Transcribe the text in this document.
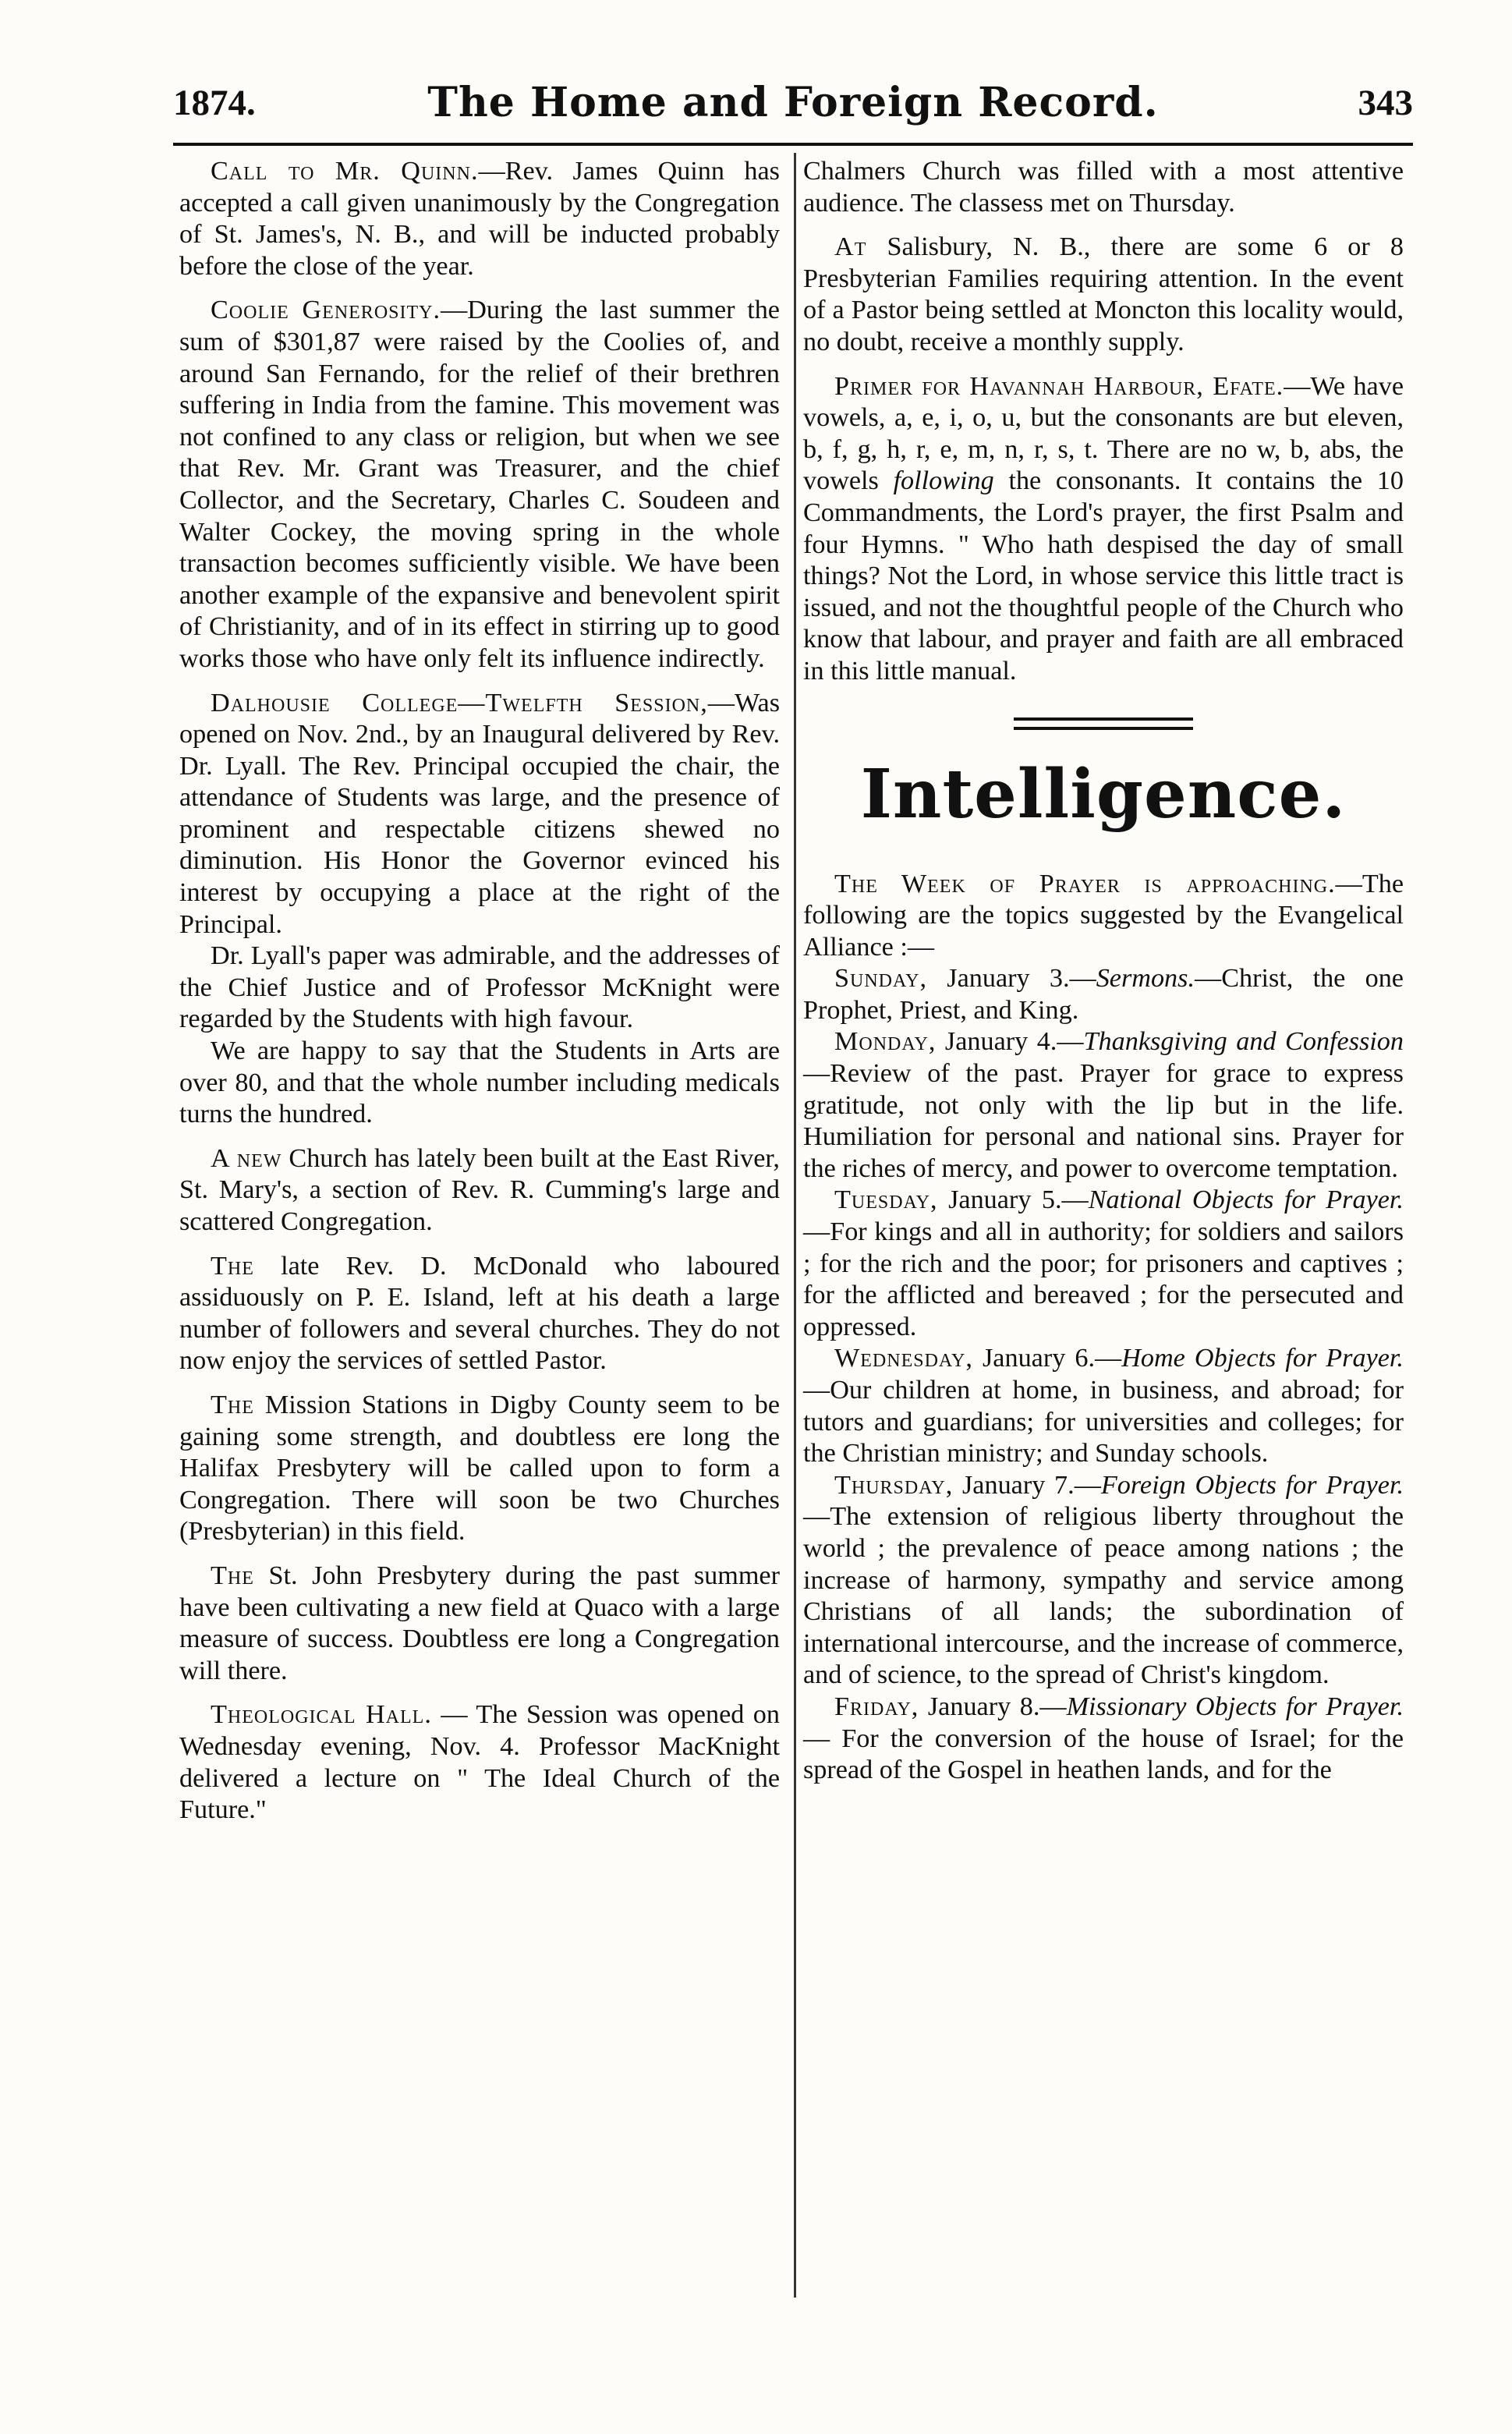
1874.	The Home and Foreign Record.	343

Call to Mr. Quinn.—Rev. James Quinn has accepted a call given unanimously by the Congregation of St. James's, N. B., and will be inducted probably before the close of the year.

Coolie Generosity.—During the last summer the sum of $301,87 were raised by the Coolies of, and around San Fernando, for the relief of their brethren suffering in India from the famine. This movement was not confined to any class or religion, but when we see that Rev. Mr. Grant was Treasurer, and the chief Collector, and the Secretary, Charles C. Soudeen and Walter Cockey, the moving spring in the whole transaction becomes sufficiently visible. We have been another example of the expansive and benevolent spirit of Christianity, and of in its effect in stirring up to good works those who have only felt its influence indirectly.

Dalhousie College—Twelfth Session,—Was opened on Nov. 2nd., by an Inaugural delivered by Rev. Dr. Lyall. The Rev. Principal occupied the chair, the attendance of Students was large, and the presence of prominent and respectable citizens shewed no diminution. His Honor the Governor evinced his interest by occupying a place at the right of the Principal.

Dr. Lyall's paper was admirable, and the addresses of the Chief Justice and of Professor McKnight were regarded by the Students with high favour.

We are happy to say that the Students in Arts are over 80, and that the whole number including medicals turns the hundred.

A new Church has lately been built at the East River, St. Mary's, a section of Rev. R. Cumming's large and scattered Congregation.

The late Rev. D. McDonald who laboured assiduously on P. E. Island, left at his death a large number of followers and several churches. They do not now enjoy the services of settled Pastor.

The Mission Stations in Digby County seem to be gaining some strength, and doubtless ere long the Halifax Presbytery will be called upon to form a Congregation. There will soon be two Churches (Presbyterian) in this field.

The St. John Presbytery during the past summer have been cultivating a new field at Quaco with a large measure of success. Doubtless ere long a Congregation will there.

Theological Hall. — The Session was opened on Wednesday evening, Nov. 4. Professor MacKnight delivered a lecture on " The Ideal Church of the Future."

Chalmers Church was filled with a most attentive audience. The classess met on Thursday.

At Salisbury, N. B., there are some 6 or 8 Presbyterian Families requiring attention. In the event of a Pastor being settled at Moncton this locality would, no doubt, receive a monthly supply.

Primer for Havannah Harbour, Efate.—We have vowels, a, e, i, o, u, but the consonants are but eleven, b, f, g, h, r, e, m, n, r, s, t. There are no w, b, abs, the vowels following the consonants. It contains the 10 Commandments, the Lord's prayer, the first Psalm and four Hymns. " Who hath despised the day of small things? Not the Lord, in whose service this little tract is issued, and not the thoughtful people of the Church who know that labour, and prayer and faith are all embraced in this little manual.

Intelligence.

The Week of Prayer is approaching.—The following are the topics suggested by the Evangelical Alliance :—

Sunday, January 3.—Sermons.—Christ, the one Prophet, Priest, and King.

Monday, January 4.—Thanksgiving and Confession —Review of the past. Prayer for grace to express gratitude, not only with the lip but in the life. Humiliation for personal and national sins. Prayer for the riches of mercy, and power to overcome temptation.

Tuesday, January 5.—National Objects for Prayer.—For kings and all in authority; for soldiers and sailors ; for the rich and the poor; for prisoners and captives ; for the afflicted and bereaved ; for the persecuted and oppressed.

Wednesday, January 6.—Home Objects for Prayer.—Our children at home, in business, and abroad; for tutors and guardians; for universities and colleges; for the Christian ministry; and Sunday schools.

Thursday, January 7.—Foreign Objects for Prayer.—The extension of religious liberty throughout the world ; the prevalence of peace among nations ; the increase of harmony, sympathy and service among Christians of all lands; the subordination of international intercourse, and the increase of commerce, and of science, to the spread of Christ's kingdom.

Friday, January 8.—Missionary Objects for Prayer. — For the conversion of the house of Israel; for the spread of the Gospel in heathen lands, and for the
